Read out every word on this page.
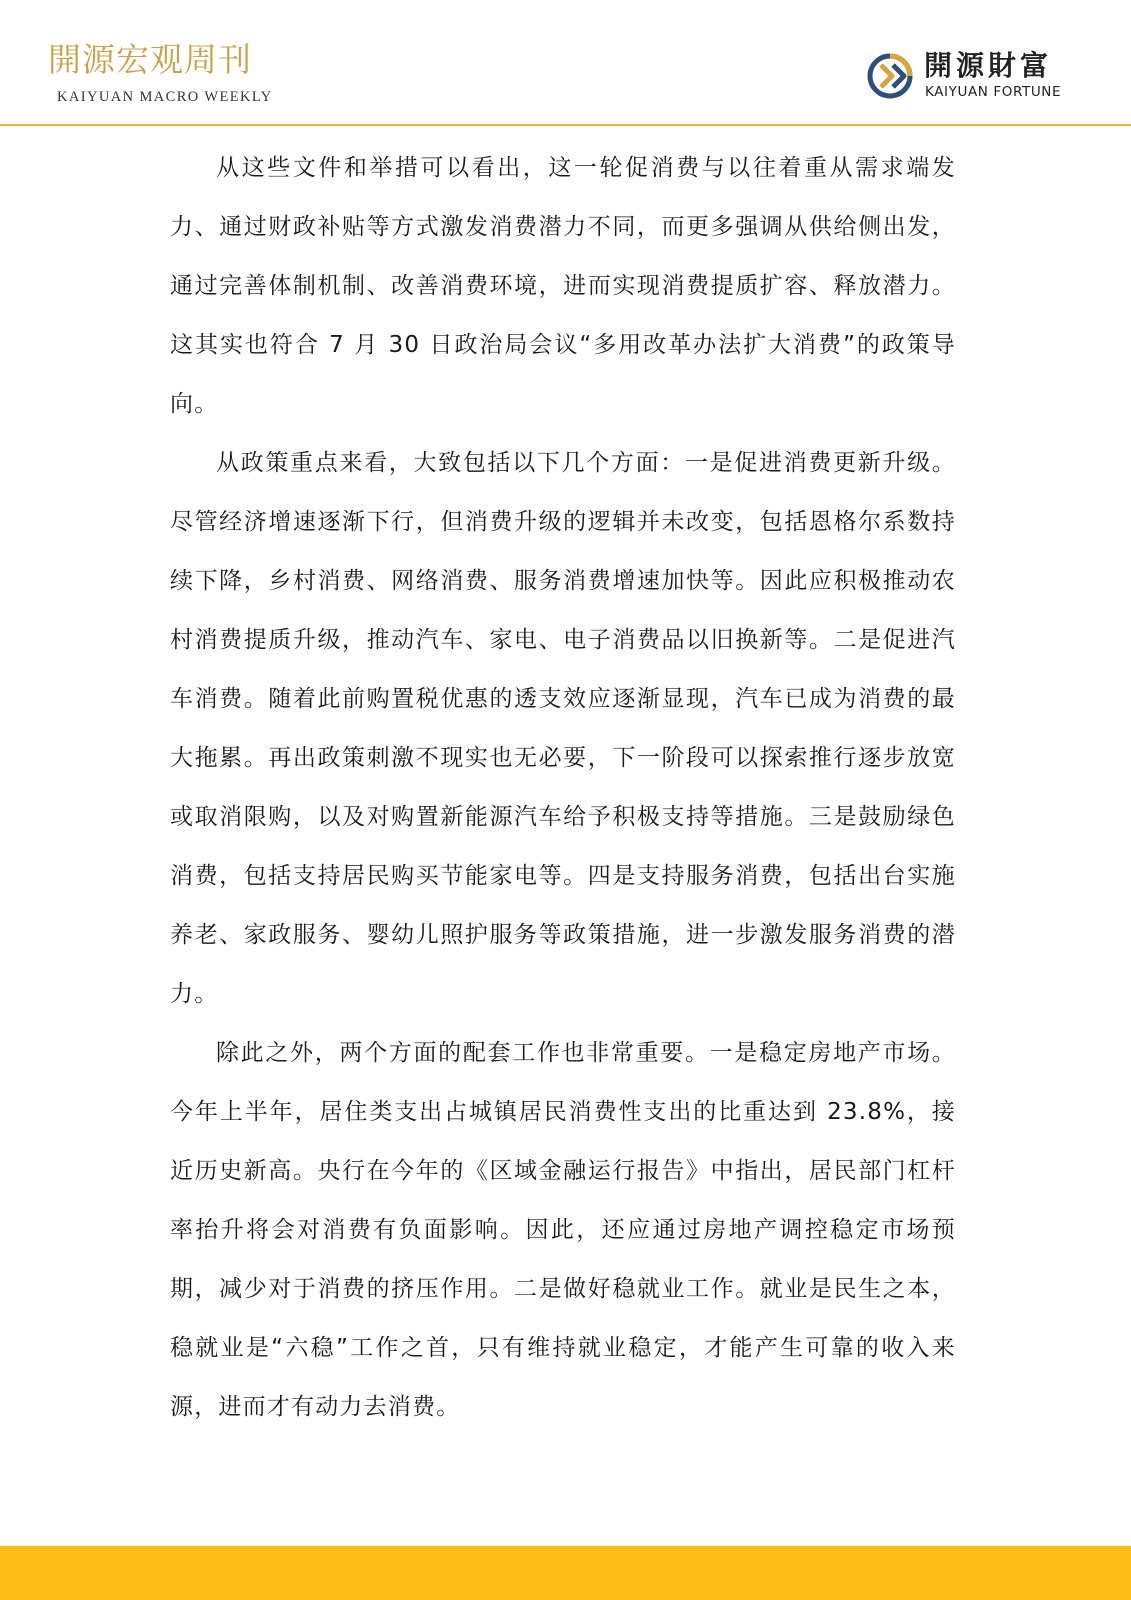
開源宏观周刊
KAIYUAN MACRO WEEKLY
開源財富
KAIYUAN FORTUNE

从这些文件和举措可以看出，这一轮促消费与以往着重从需求端发力、通过财政补贴等方式激发消费潜力不同，而更多强调从供给侧出发，通过完善体制机制、改善消费环境，进而实现消费提质扩容、释放潜力。这其实也符合 7 月 30 日政治局会议“多用改革办法扩大消费”的政策导向。

从政策重点来看，大致包括以下几个方面：一是促进消费更新升级。尽管经济增速逐渐下行，但消费升级的逻辑并未改变，包括恩格尔系数持续下降，乡村消费、网络消费、服务消费增速加快等。因此应积极推动农村消费提质升级，推动汽车、家电、电子消费品以旧换新等。二是促进汽车消费。随着此前购置税优惠的透支效应逐渐显现，汽车已成为消费的最大拖累。再出政策刺激不现实也无必要，下一阶段可以探索推行逐步放宽或取消限购，以及对购置新能源汽车给予积极支持等措施。三是鼓励绿色消费，包括支持居民购买节能家电等。四是支持服务消费，包括出台实施养老、家政服务、婴幼儿照护服务等政策措施，进一步激发服务消费的潜力。

除此之外，两个方面的配套工作也非常重要。一是稳定房地产市场。今年上半年，居住类支出占城镇居民消费性支出的比重达到 23.8%，接近历史新高。央行在今年的《区域金融运行报告》中指出，居民部门杠杆率抬升将会对消费有负面影响。因此，还应通过房地产调控稳定市场预期，减少对于消费的挤压作用。二是做好稳就业工作。就业是民生之本，稳就业是“六稳”工作之首，只有维持就业稳定，才能产生可靠的收入来源，进而才有动力去消费。
